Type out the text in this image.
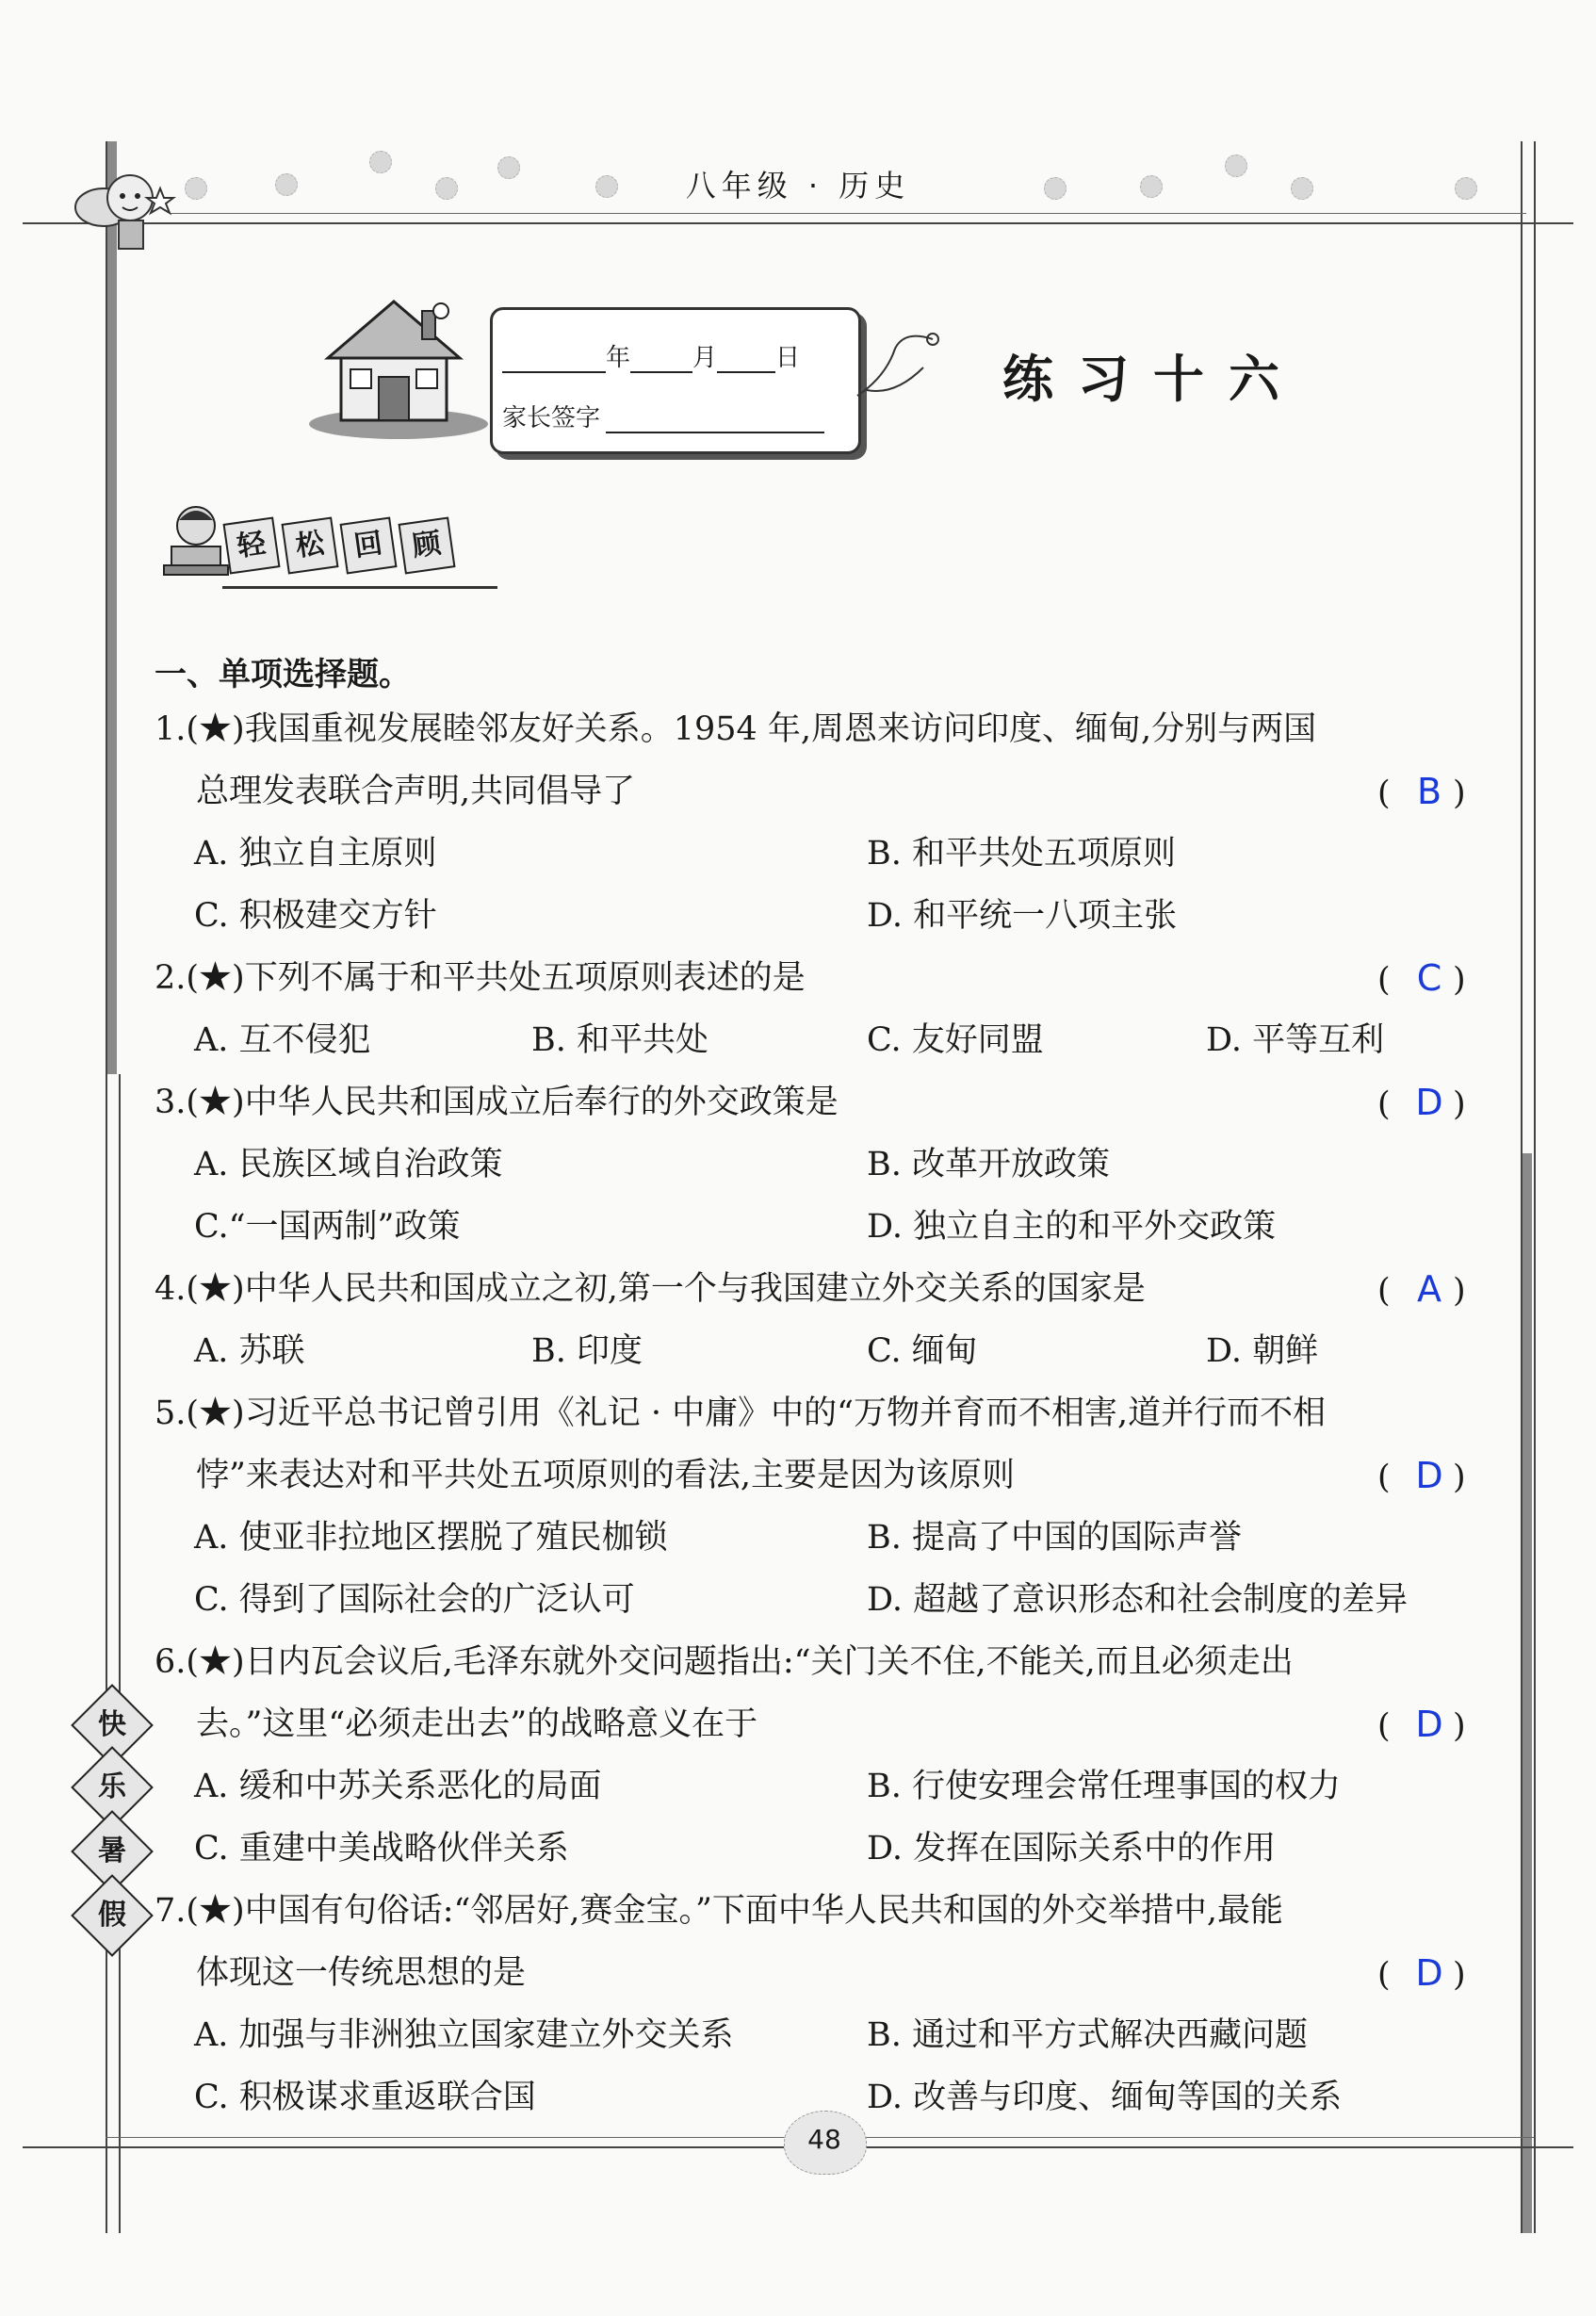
八年级 · 历史
年	月 日
家长签字
练习十六
轻 松 回 顾
快
乐
暑
假
一、单项选择题。
1.(★)我国重视发展睦邻友好关系。1954 年,周恩来访问印度、缅甸,分别与两国
总理发表联合声明,共同倡导了	( B )
A. 独立自主原则	B. 和平共处五项原则
C. 积极建交方针	D. 和平统一八项主张
2.(★)下列不属于和平共处五项原则表述的是	( C )
A. 互不侵犯	B. 和平共处	C. 友好同盟	D. 平等互利
3.(★)中华人民共和国成立后奉行的外交政策是	( D )
A. 民族区域自治政策	B. 改革开放政策
C.“一国两制”政策	D. 独立自主的和平外交政策
4.(★)中华人民共和国成立之初,第一个与我国建立外交关系的国家是	( A )
A. 苏联	B. 印度	C. 缅甸	D. 朝鲜
5.(★)习近平总书记曾引用《礼记 · 中庸》中的“万物并育而不相害,道并行而不相
悖”来表达对和平共处五项原则的看法,主要是因为该原则	( D )
A. 使亚非拉地区摆脱了殖民枷锁	B. 提高了中国的国际声誉
C. 得到了国际社会的广泛认可	D. 超越了意识形态和社会制度的差异
6.(★)日内瓦会议后,毛泽东就外交问题指出:“关门关不住,不能关,而且必须走出
去。”这里“必须走出去”的战略意义在于	( D )
A. 缓和中苏关系恶化的局面	B. 行使安理会常任理事国的权力
C. 重建中美战略伙伴关系	D. 发挥在国际关系中的作用
7.(★)中国有句俗话:“邻居好,赛金宝。”下面中华人民共和国的外交举措中,最能
体现这一传统思想的是	( D )
A. 加强与非洲独立国家建立外交关系	B. 通过和平方式解决西藏问题
C. 积极谋求重返联合国	D. 改善与印度、缅甸等国的关系
48
